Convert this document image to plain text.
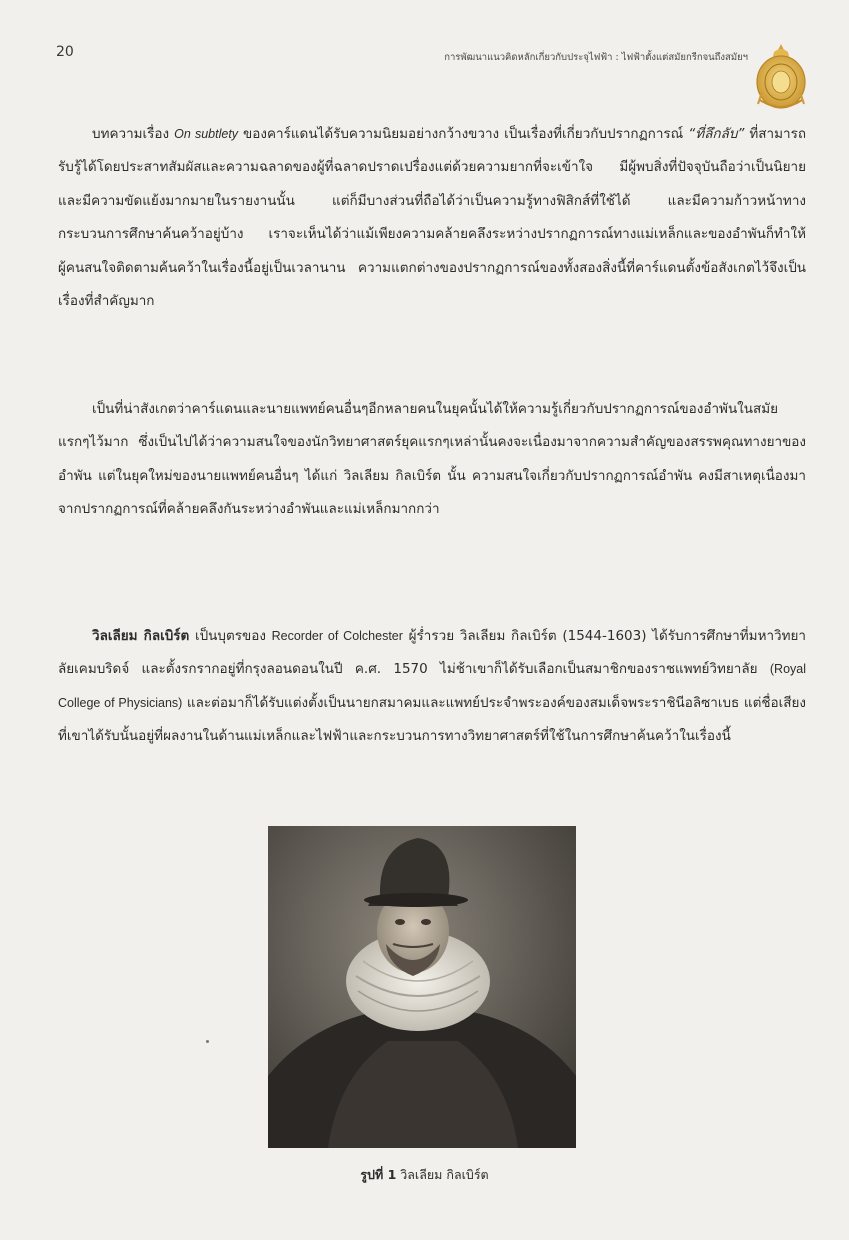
20	การพัฒนาแนวคิดหลักเกี่ยวกับประจุไฟฟ้า : ไฟฟ้าตั้งแต่สมัยกรีกจนถึงสมัยฯ

บทความเรื่อง On subtlety ของคาร์แดนได้รับความนิยมอย่างกว้างขวาง เป็นเรื่องที่เกี่ยวกับปรากฏการณ์ “ที่ลึกลับ” ที่สามารถรับรู้ได้โดยประสาทสัมผัสและความฉลาดของผู้ที่ฉลาดปราดเปรื่องแต่ด้วยความยากที่จะเข้าใจ มีผู้พบสิ่งที่ปัจจุบันถือว่าเป็นนิยายและมีความขัดแย้งมากมายในรายงานนั้น แต่ก็มีบางส่วนที่ถือได้ว่าเป็นความรู้ทางฟิสิกส์ที่ใช้ได้ และมีความก้าวหน้าทางกระบวนการศึกษาค้นคว้าอยู่บ้าง เราจะเห็นได้ว่าแม้เพียงความคล้ายคลึงระหว่างปรากฏการณ์ทางแม่เหล็กและของอำพันก็ทำให้ผู้คนสนใจติดตามค้นคว้าในเรื่องนี้อยู่เป็นเวลานาน ความแตกต่างของปรากฏการณ์ของทั้งสองสิ่งนี้ที่คาร์แดนตั้งข้อสังเกตไว้จึงเป็นเรื่องที่สำคัญมาก

เป็นที่น่าสังเกตว่าคาร์แดนและนายแพทย์คนอื่นๆอีกหลายคนในยุคนั้นได้ให้ความรู้เกี่ยวกับปรากฏการณ์ของอำพันในสมัยแรกๆไว้มาก ซึ่งเป็นไปได้ว่าความสนใจของนักวิทยาศาสตร์ยุคแรกๆเหล่านั้นคงจะเนื่องมาจากความสำคัญของสรรพคุณทางยาของอำพัน แต่ในยุคใหม่ของนายแพทย์คนอื่นๆ ได้แก่ วิลเลียม กิลเบิร์ต นั้น ความสนใจเกี่ยวกับปรากฏการณ์อำพัน คงมีสาเหตุเนื่องมาจากปรากฏการณ์ที่คล้ายคลึงกันระหว่างอำพันและแม่เหล็กมากกว่า

วิลเลียม กิลเบิร์ต เป็นบุตรของ Recorder of Colchester ผู้ร่ำรวย วิลเลียม กิลเบิร์ต (1544-1603) ได้รับการศึกษาที่มหาวิทยาลัยเคมบริดจ์ และตั้งรกรากอยู่ที่กรุงลอนดอนในปี ค.ศ. 1570 ไม่ช้าเขาก็ได้รับเลือกเป็นสมาชิกของราชแพทย์วิทยาลัย (Royal College of Physicians) และต่อมาก็ได้รับแต่งตั้งเป็นนายกสมาคมและแพทย์ประจำพระองค์ของสมเด็จพระราชินีอลิซาเบธ แต่ชื่อเสียงที่เขาได้รับนั้นอยู่ที่ผลงานในด้านแม่เหล็กและไฟฟ้าและกระบวนการทางวิทยาศาสตร์ที่ใช้ในการศึกษาค้นคว้าในเรื่องนี้

รูปที่ 1 วิลเลียม กิลเบิร์ต
